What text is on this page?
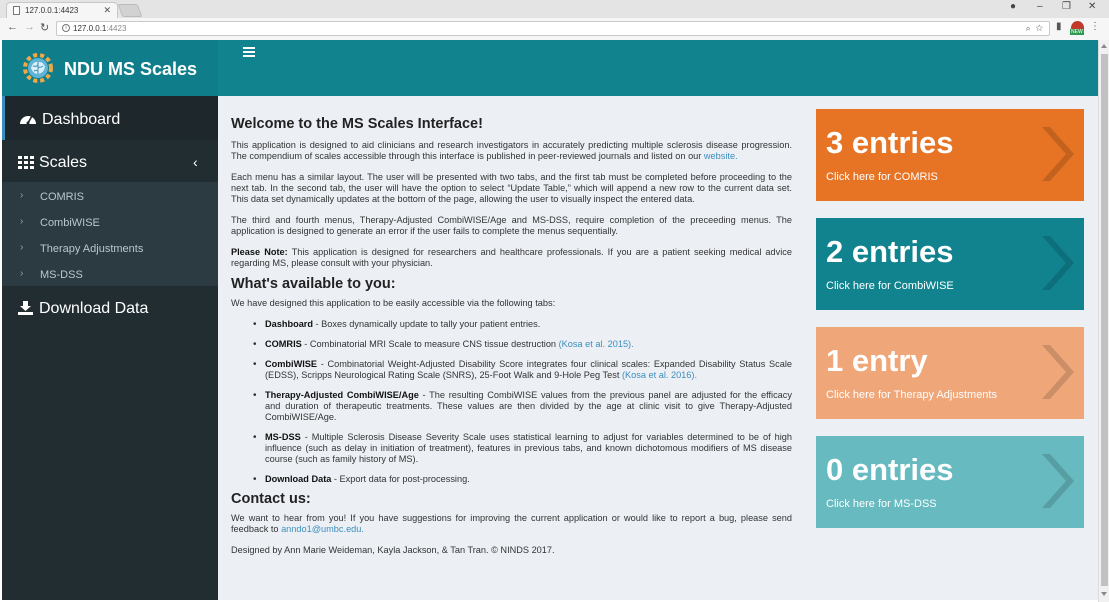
127.0.0.1:4423	✕	● – ❐ ✕
← → ↻	i 127.0.0.1:4423	⌕ ☆ ▮ NEW ⋮
NDU MS Scales
Dashboard
Scales	‹
› COMRIS
› CombiWISE
› Therapy Adjustments
› MS-DSS
Download Data
Welcome to the MS Scales Interface!

This application is designed to aid clinicians and research investigators in accurately predicting multiple sclerosis disease progression. The compendium of scales accessible through this interface is published in peer-reviewed journals and listed on our website.

Each menu has a similar layout. The user will be presented with two tabs, and the first tab must be completed before proceeding to the next tab. In the second tab, the user will have the option to select “Update Table,” which will append a new row to the current data set. This data set dynamically updates at the bottom of the page, allowing the user to visually inspect the entered data.

The third and fourth menus, Therapy-Adjusted CombiWISE/Age and MS-DSS, require completion of the preceeding menus. The application is designed to generate an error if the user fails to complete the menus sequentially.

Please Note: This application is designed for researchers and healthcare professionals. If you are a patient seeking medical advice regarding MS, please consult with your physician.

What's available to you:

We have designed this application to be easily accessible via the following tabs:

• Dashboard - Boxes dynamically update to tally your patient entries.
• COMRIS - Combinatorial MRI Scale to measure CNS tissue destruction (Kosa et al. 2015).
• CombiWISE - Combinatorial Weight-Adjusted Disability Score integrates four clinical scales: Expanded Disability Status Scale (EDSS), Scripps Neurological Rating Scale (SNRS), 25-Foot Walk and 9-Hole Peg Test (Kosa et al. 2016).
• Therapy-Adjusted CombiWISE/Age - The resulting CombiWISE values from the previous panel are adjusted for the efficacy and duration of therapeutic treatments. These values are then divided by the age at clinic visit to give Therapy-Adjusted CombiWISE/Age.
• MS-DSS - Multiple Sclerosis Disease Severity Scale uses statistical learning to adjust for variables determined to be of high influence (such as delay in initiation of treatment), features in previous tabs, and known dichotomous modifiers of MS disease course (such as family history of MS).
• Download Data - Export data for post-processing.
Contact us:

We want to hear from you! If you have suggestions for improving the current application or would like to report a bug, please send feedback to anndo1@umbc.edu.

Designed by Ann Marie Weideman, Kayla Jackson, & Tan Tran. © NINDS 2017.

3 entries
Click here for COMRIS
2 entries
Click here for CombiWISE
1 entry
Click here for Therapy Adjustments
0 entries
Click here for MS-DSS
